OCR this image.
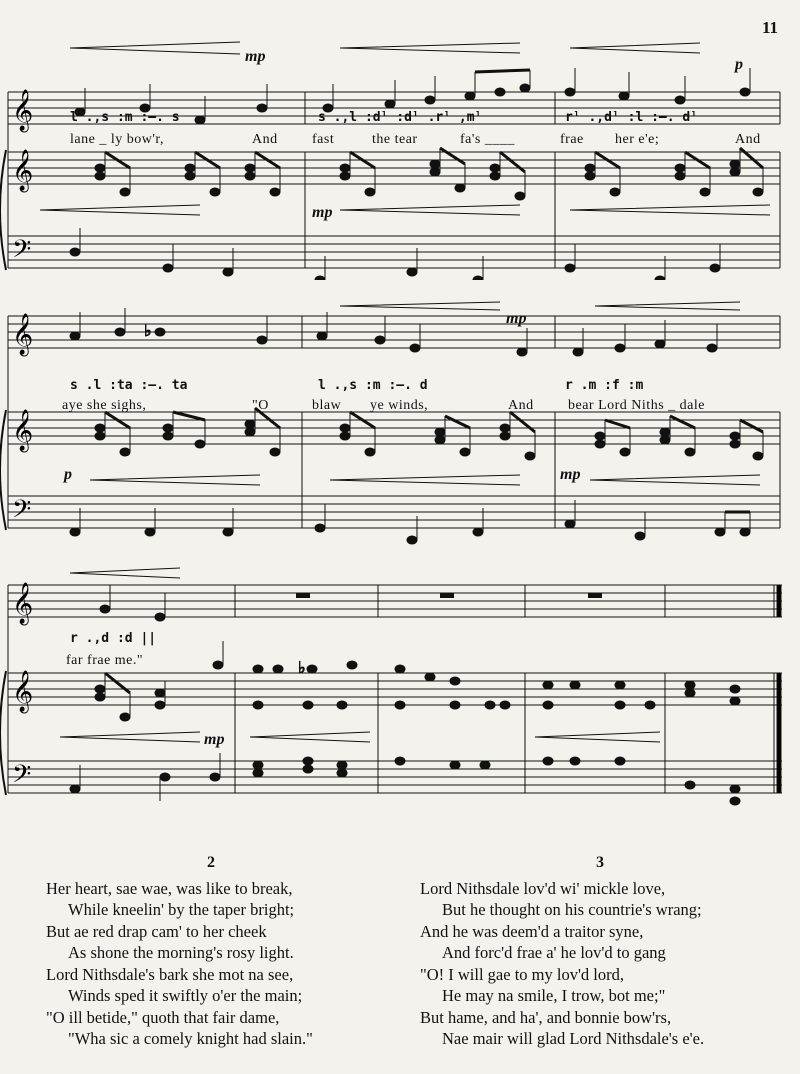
11
𝄞
𝄞
𝄢
mp	p
mp
l .,s :m :—. s	s .,l :dˡ :dˡ .rˡ ,mˡ	rˡ .,dˡ :l :—. dˡ
lane _ ly bow'r,	And fast	the tear	fa's ____	frae her e'e;	And
𝄞
𝄞
𝄢
♭
mp
p	mp
s .l :ta :—. ta	l .,s :m :—. d	r .m :f :m
aye she sighs,	"O	blaw ye winds,	And bear Lord Niths _ dale
𝄞
𝄞
𝄢
♭
mp
r .,d :d ||
far frae me."
2
Her heart, sae wae, was like to break,
While kneelin' by the taper bright;
But ae red drap cam' to her cheek
As shone the morning's rosy light.
Lord Nithsdale's bark she mot na see,
Winds sped it swiftly o'er the main;
"O ill betide," quoth that fair dame,
"Wha sic a comely knight had slain."
3
Lord Nithsdale lov'd wi' mickle love,
But he thought on his countrie's wrang;
And he was deem'd a traitor syne,
And forc'd frae a' he lov'd to gang
"O! I will gae to my lov'd lord,
He may na smile, I trow, bot me;"
But hame, and ha', and bonnie bow'rs,
Nae mair will glad Lord Nithsdale's e'e.
